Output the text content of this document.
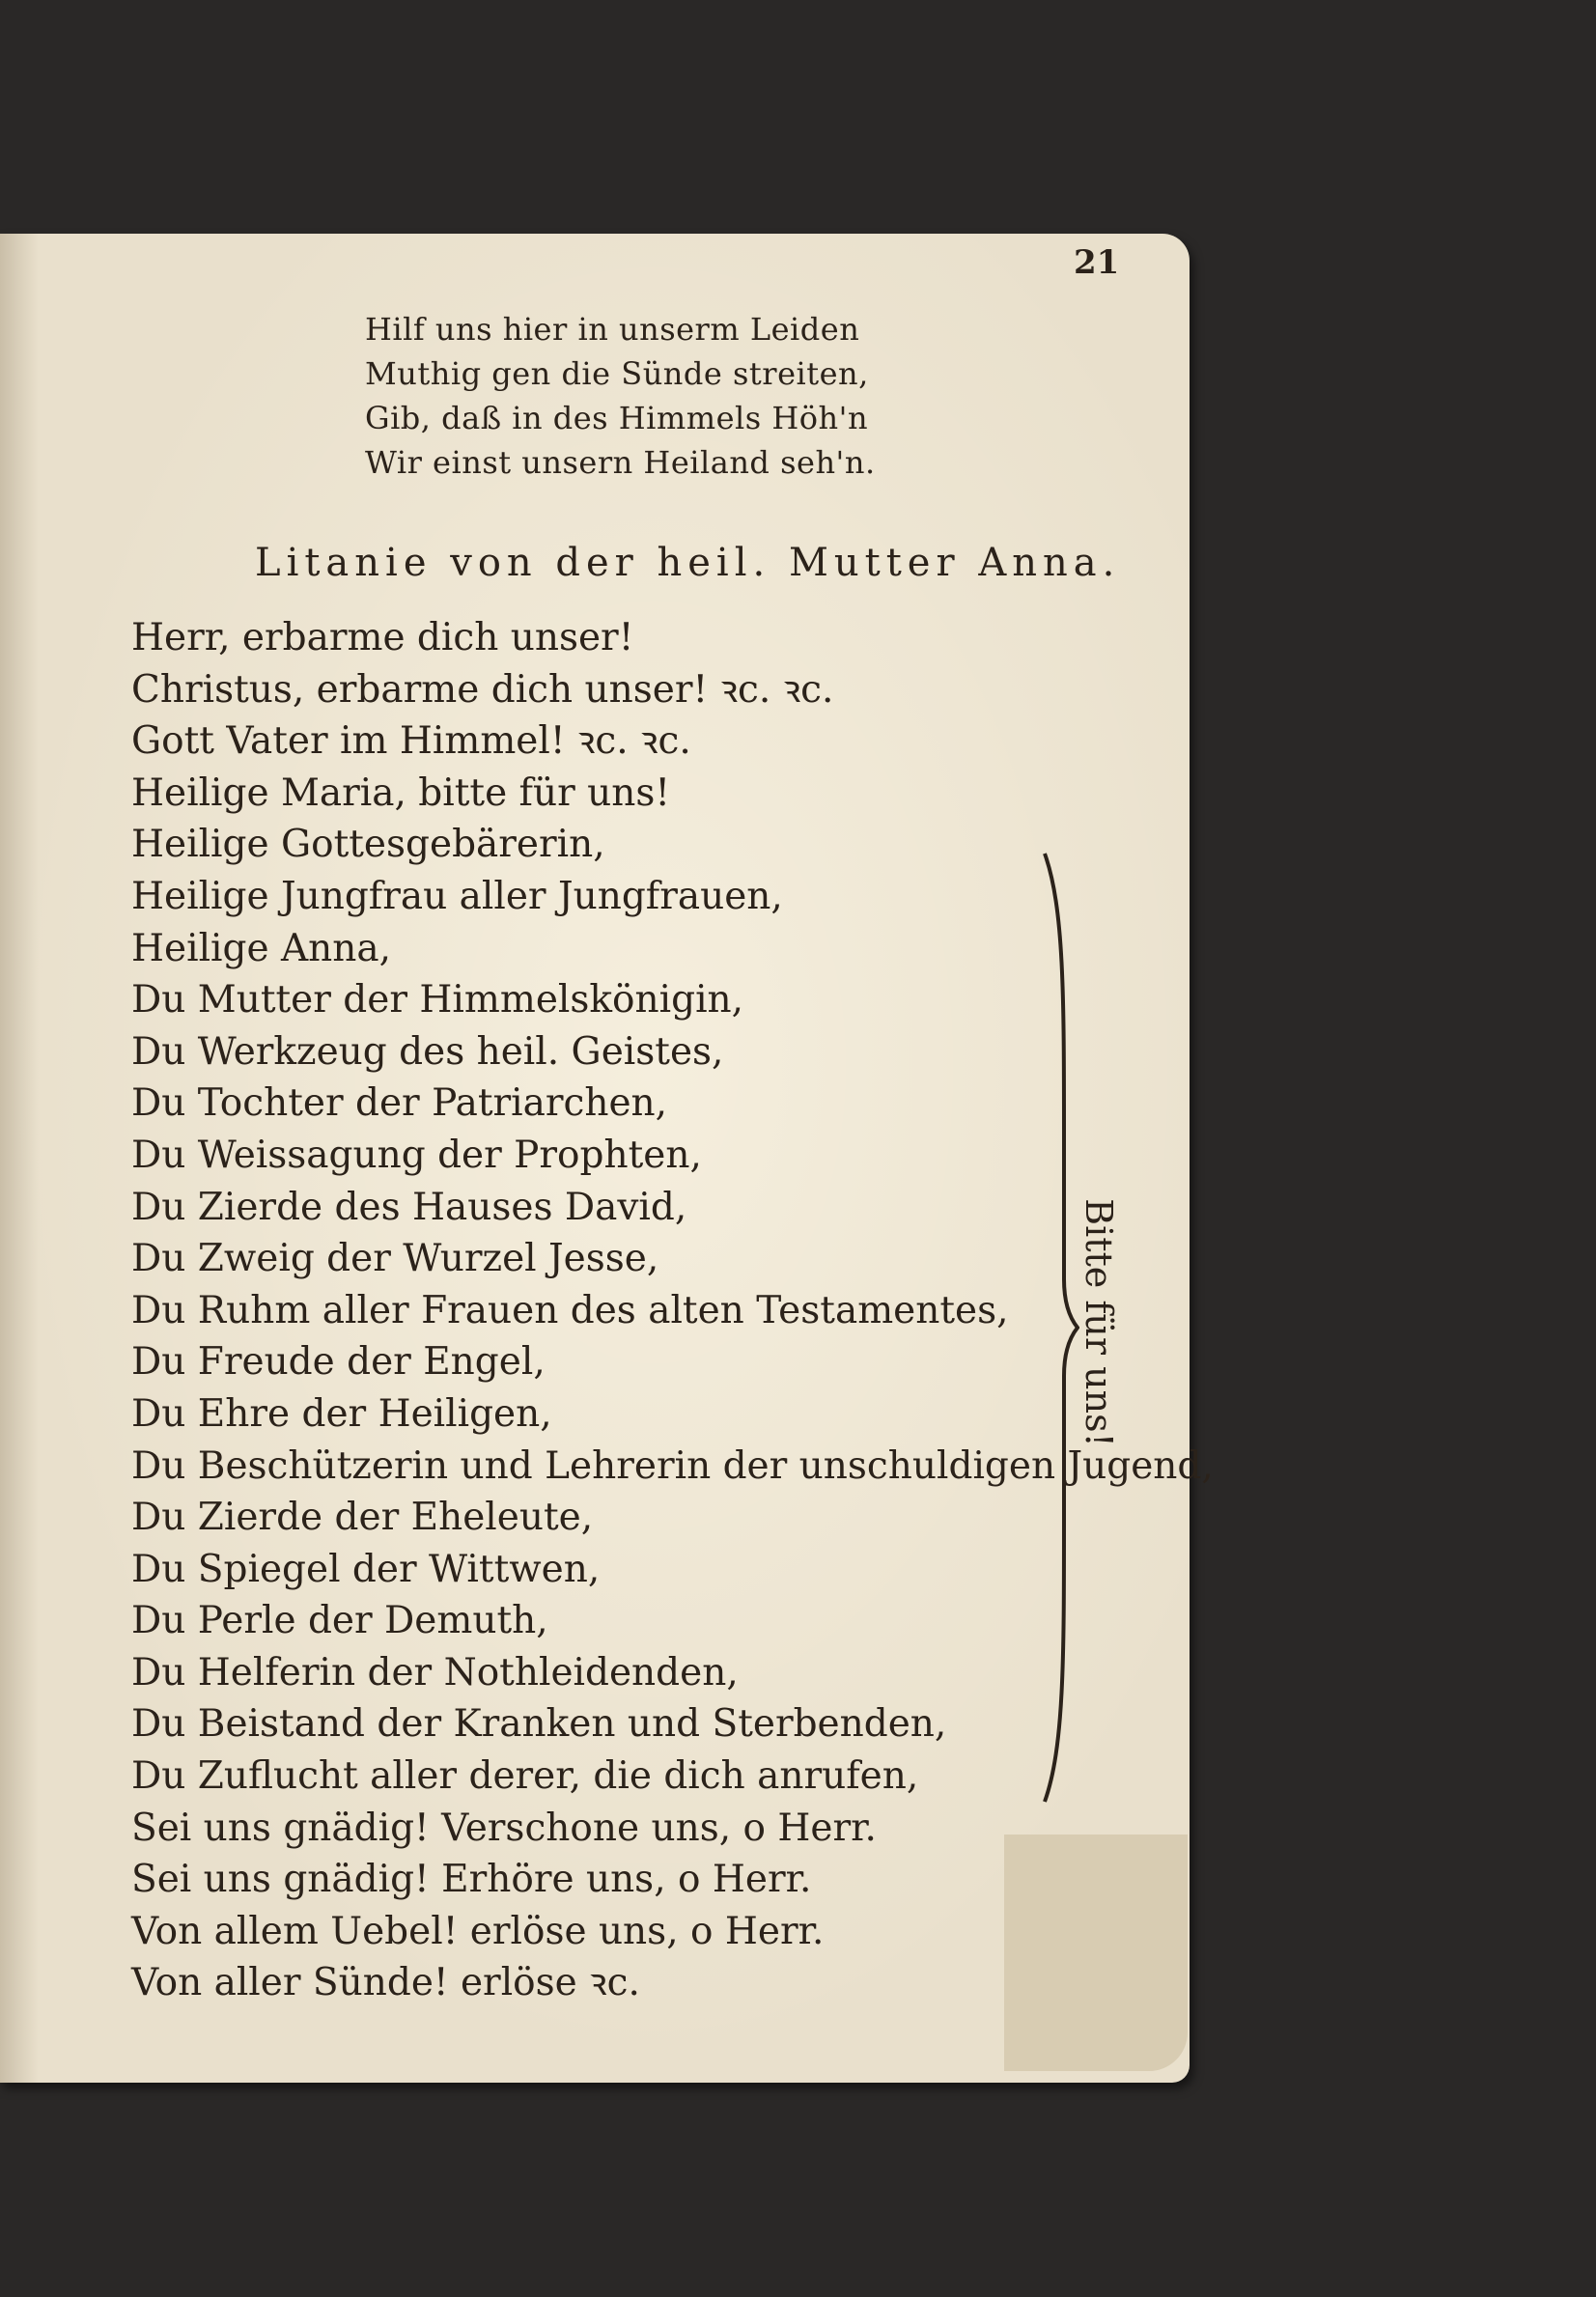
21
Hilf uns hier in unserm Leiden
Muthig gen die Sünde streiten,
Gib, daß in des Himmels Höh'n
Wir einst unsern Heiland seh'n.
Litanie von der heil. Mutter Anna.
Herr, erbarme dich unser!
Christus, erbarme dich unser! ꝛc. ꝛc.
Gott Vater im Himmel! ꝛc. ꝛc.
Heilige Maria, bitte für uns!
Heilige Gottesgebärerin,
Heilige Jungfrau aller Jungfrauen,
Heilige Anna,
Du Mutter der Himmelskönigin,
Du Werkzeug des heil. Geistes,
Du Tochter der Patriarchen,
Du Weissagung der Prophten,
Du Zierde des Hauses David,
Du Zweig der Wurzel Jesse,
Du Ruhm aller Frauen des alten Testamentes,
Du Freude der Engel,
Du Ehre der Heiligen,
Du Beschützerin und Lehrerin der unschuldigen Jugend,
Du Zierde der Eheleute,
Du Spiegel der Wittwen,
Du Perle der Demuth,
Du Helferin der Nothleidenden,
Du Beistand der Kranken und Sterbenden,
Du Zuflucht aller derer, die dich anrufen,
Sei uns gnädig! Verschone uns, o Herr.
Sei uns gnädig! Erhöre uns, o Herr.
Von allem Uebel! erlöse uns, o Herr.
Von aller Sünde! erlöse ꝛc.
Bitte für uns!
